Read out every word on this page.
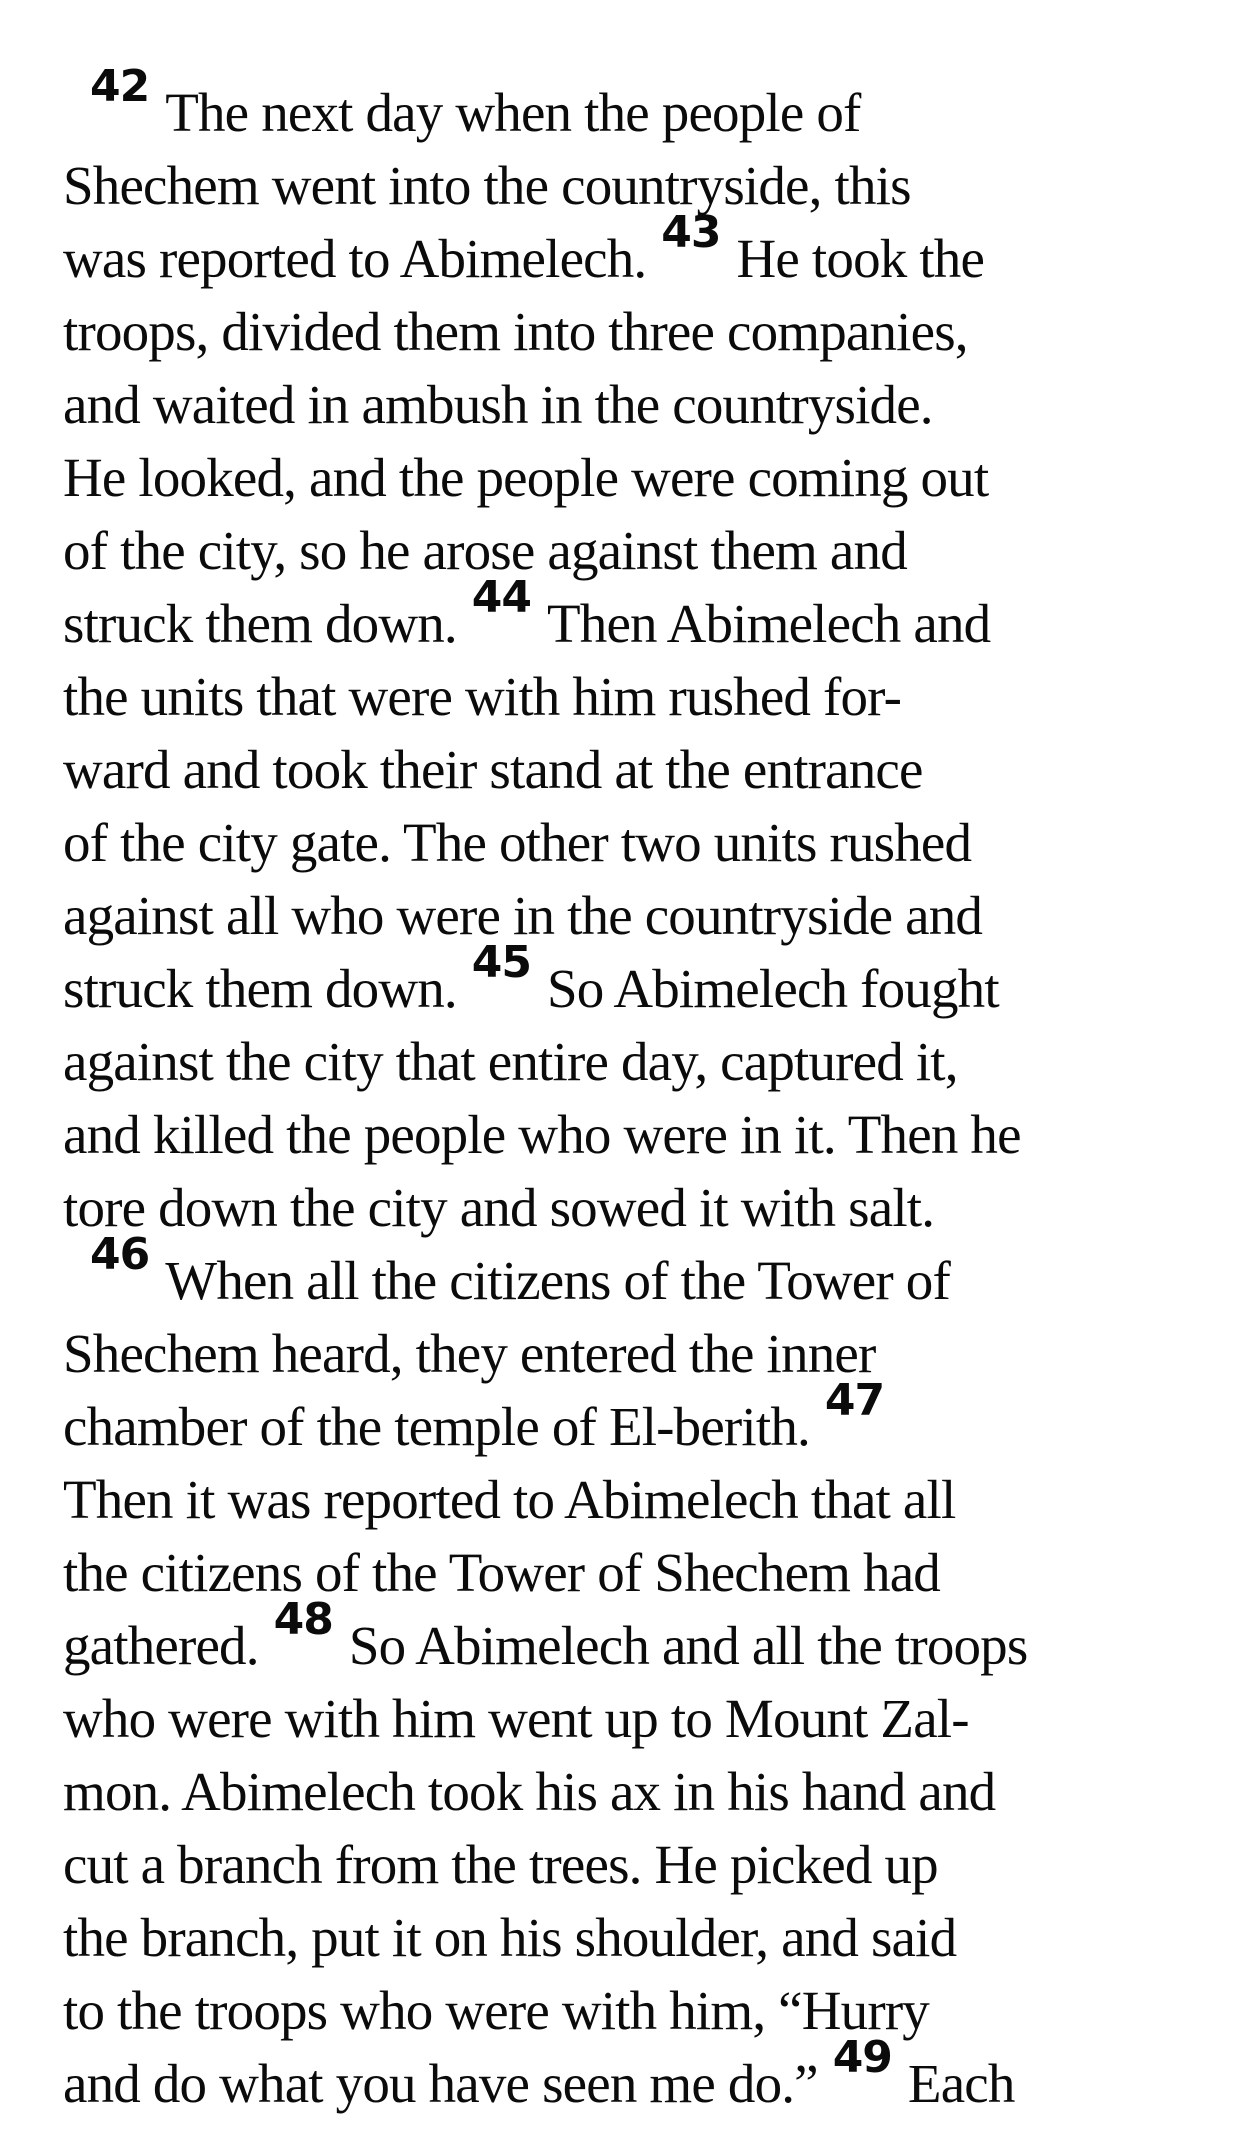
$^{42}$ The next day when the people of
Shechem went into the countryside, this
was reported to Abimelech. $^{43}$ He took the
troops, divided them into three companies,
and waited in ambush in the countryside.
He looked, and the people were coming out
of the city, so he arose against them and
struck them down. $^{44}$ Then Abimelech and
the units that were with him rushed for-
ward and took their stand at the entrance
of the city gate. The other two units rushed
against all who were in the countryside and
struck them down. $^{45}$ So Abimelech fought
against the city that entire day, captured it,
and killed the people who were in it. Then he
tore down the city and sowed it with salt.
$^{46}$ When all the citizens of the Tower of
Shechem heard, they entered the inner
chamber of the temple of El-berith. $^{47}$
Then it was reported to Abimelech that all
the citizens of the Tower of Shechem had
gathered. $^{48}$ So Abimelech and all the troops
who were with him went up to Mount Zal-
mon. Abimelech took his ax in his hand and
cut a branch from the trees. He picked up
the branch, put it on his shoulder, and said
to the troops who were with him, “Hurry
and do what you have seen me do.” $^{49}$ Each
